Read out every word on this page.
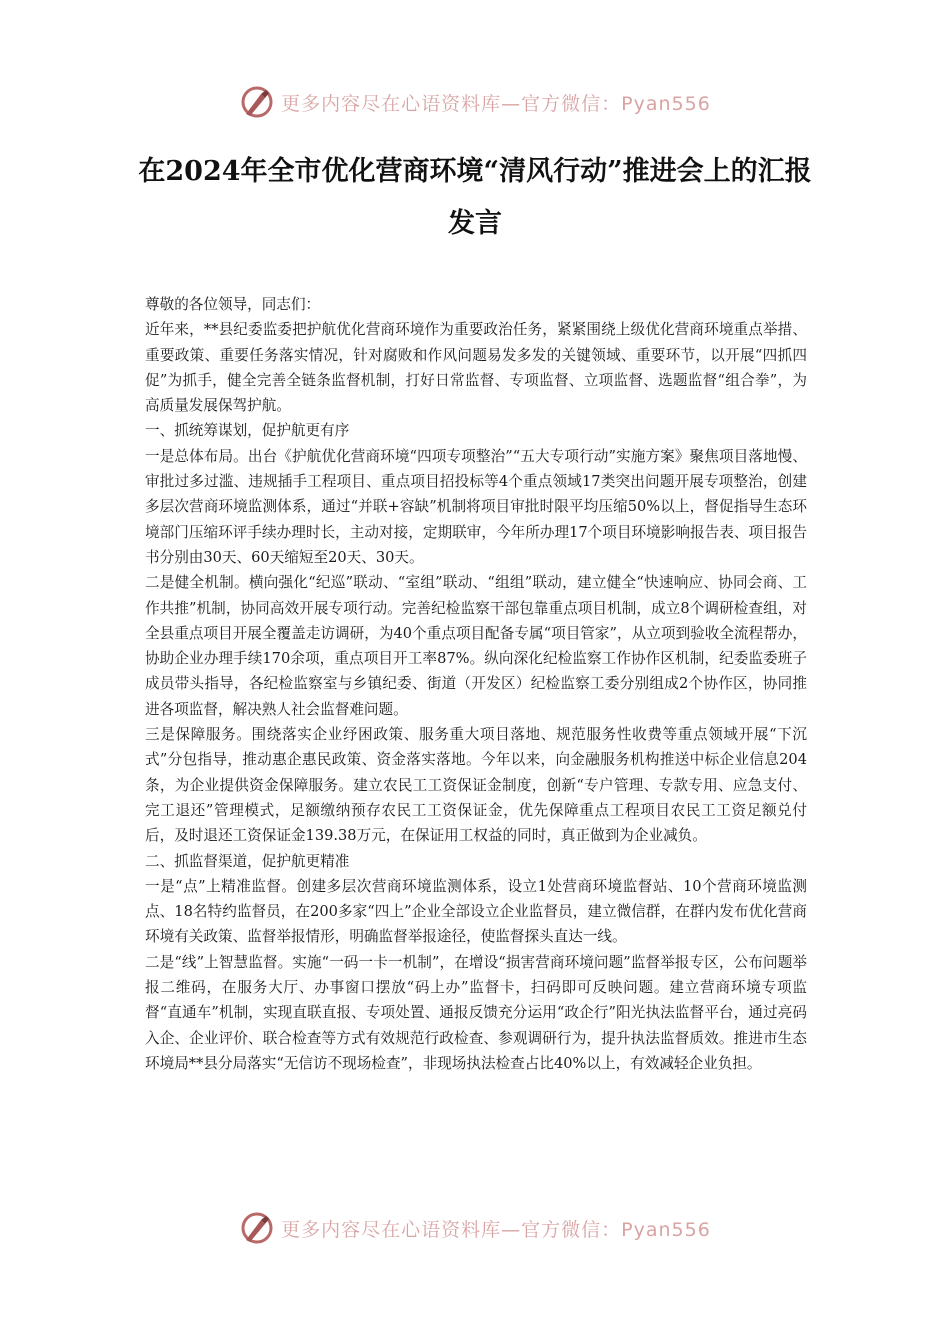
更多内容尽在心语资料库—官方微信：Pyan556
在2024年全市优化营商环境“清风行动”推进会上的汇报发言

尊敬的各位领导，同志们：

近年来，**县纪委监委把护航优化营商环境作为重要政治任务，紧紧围绕上级优化营商环境重点举措、重要政策、重要任务落实情况，针对腐败和作风问题易发多发的关键领域、重要环节，以开展“四抓四促”为抓手，健全完善全链条监督机制，打好日常监督、专项监督、立项监督、选题监督“组合拳”，为高质量发展保驾护航。

一、抓统筹谋划，促护航更有序

一是总体布局。出台《护航优化营商环境“四项专项整治”“五大专项行动”实施方案》聚焦项目落地慢、审批过多过滥、违规插手工程项目、重点项目招投标等4个重点领域17类突出问题开展专项整治，创建多层次营商环境监测体系，通过“并联+容缺”机制将项目审批时限平均压缩50%以上，督促指导生态环境部门压缩环评手续办理时长，主动对接，定期联审，今年所办理17个项目环境影响报告表、项目报告书分别由30天、60天缩短至20天、30天。

二是健全机制。横向强化“纪巡”联动、“室组”联动、“组组”联动，建立健全“快速响应、协同会商、工作共推”机制，协同高效开展专项行动。完善纪检监察干部包靠重点项目机制，成立8个调研检查组，对全县重点项目开展全覆盖走访调研，为40个重点项目配备专属“项目管家”，从立项到验收全流程帮办，协助企业办理手续170余项，重点项目开工率87%。纵向深化纪检监察工作协作区机制，纪委监委班子成员带头指导，各纪检监察室与乡镇纪委、街道（开发区）纪检监察工委分别组成2个协作区，协同推进各项监督，解决熟人社会监督难问题。

三是保障服务。围绕落实企业纾困政策、服务重大项目落地、规范服务性收费等重点领域开展“下沉式”分包指导，推动惠企惠民政策、资金落实落地。今年以来，向金融服务机构推送中标企业信息204条，为企业提供资金保障服务。建立农民工工资保证金制度，创新“专户管理、专款专用、应急支付、完工退还”管理模式，足额缴纳预存农民工工资保证金，优先保障重点工程项目农民工工资足额兑付后，及时退还工资保证金139.38万元，在保证用工权益的同时，真正做到为企业减负。

二、抓监督渠道，促护航更精准

一是“点”上精准监督。创建多层次营商环境监测体系，设立1处营商环境监督站、10个营商环境监测点、18名特约监督员，在200多家“四上”企业全部设立企业监督员，建立微信群，在群内发布优化营商环境有关政策、监督举报情形，明确监督举报途径，使监督探头直达一线。

二是“线”上智慧监督。实施“一码一卡一机制”，在增设“损害营商环境问题”监督举报专区，公布问题举报二维码，在服务大厅、办事窗口摆放“码上办”监督卡，扫码即可反映问题。建立营商环境专项监督“直通车”机制，实现直联直报、专项处置、通报反馈充分运用“政企行”阳光执法监督平台，通过亮码入企、企业评价、联合检查等方式有效规范行政检查、参观调研行为，提升执法监督质效。推进市生态环境局**县分局落实“无信访不现场检查”，非现场执法检查占比40%以上，有效减轻企业负担。

更多内容尽在心语资料库—官方微信：Pyan556
